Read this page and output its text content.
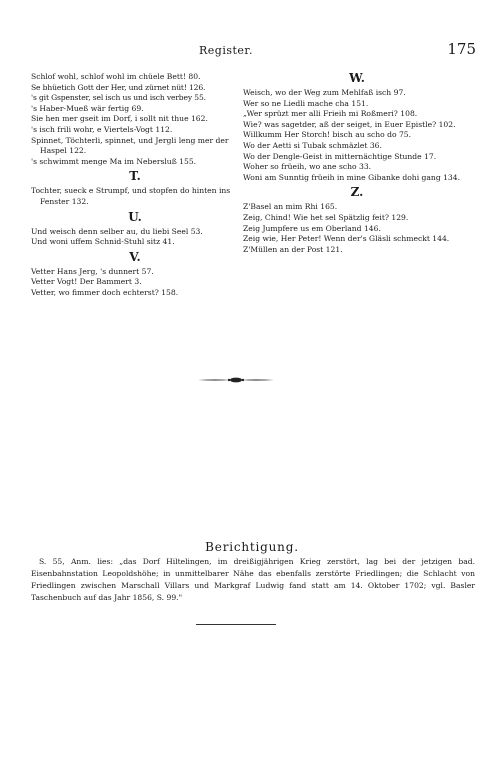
Register.	175
Schlof wohl, schlof wohl im chüele Bett! 80.
Se bhüetich Gott der Her, und zürnet nüt! 126.
's git Gspenster, sel isch us und isch verbey 55.
's Haber-Mueß wär fertig 69.
Sie hen mer gseit im Dorf, i sollt nit thue 162.
's isch frili wohr, e Viertels-Vogt 112.
Spinnet, Töchterli, spinnet, und Jergli leng mer der Haspel 122.
's schwimmt menge Ma im Nebersluß 155.
T.
Tochter, sueck e Strumpf, und stopfen do hinten ins Fenster 132.
U.
Und weisch denn selber au, du liebi Seel 53.
Und woni uffem Schnid-Stuhl sitz 41.
V.
Vetter Hans Jerg, 's dunnert 57.
Vetter Vogt! Der Bammert 3.
Vetter, wo fimmer doch echterst? 158.
W.
Weisch, wo der Weg zum Mehlfaß isch 97.
Wer so ne Liedli mache cha 151.
„Wer sprüzt mer alli Frieih mi Roßmeri? 108.
Wie? was sagetder, aß der seiget, in Euer Epistle? 102.
Willkumm Her Storch! bisch au scho do 75.
Wo der Aetti si Tubak schmäzlet 36.
Wo der Dengle-Geist in mitternächtige Stunde 17.
Woher so früeih, wo ane scho 33.
Woni am Sunntig früeih in mine Gibanke dohi gang 134.
Z.
Z'Basel an mim Rhi 165.
Zeig, Chind! Wie het sel Spätzlig feit? 129.
Zeig Jumpfere us em Oberland 146.
Zeig wie, Her Peter! Wenn der's Gläsli schmeckt 144.
Z'Müllen an der Post 121.
Berichtigung.
S. 55, Anm. lies: „das Dorf Hiltelingen, im dreißigjährigen Krieg zerstört, lag bei der jetzigen bad. Eisenbahnstation Leopoldshöhe; in unmittelbarer Nähe das ebenfalls zerstörte Friedlingen; die Schlacht von Friedlingen zwischen Marschall Villars und Markgraf Ludwig fand statt am 14. Oktober 1702; vgl. Basler Taschenbuch auf das Jahr 1856, S. 99."
